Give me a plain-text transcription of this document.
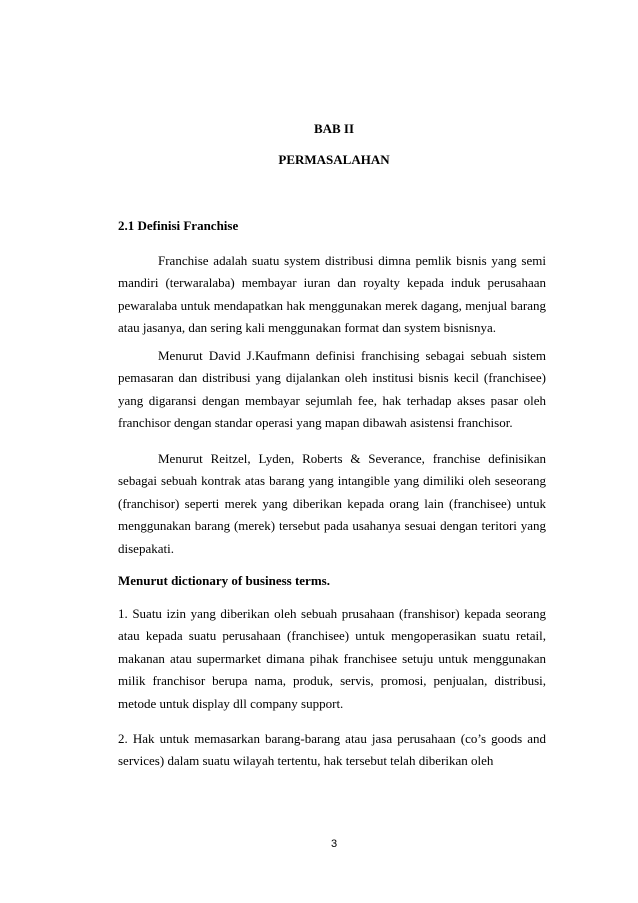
BAB II
PERMASALAHAN
2.1 Definisi Franchise

Franchise adalah suatu system distribusi dimna pemlik bisnis yang semi mandiri (terwaralaba) membayar iuran dan royalty kepada induk perusahaan pewaralaba untuk mendapatkan hak menggunakan merek dagang, menjual barang atau jasanya, dan sering kali menggunakan format dan system bisnisnya.

Menurut David J.Kaufmann definisi franchising sebagai sebuah sistem pemasaran dan distribusi yang dijalankan oleh institusi bisnis kecil (franchisee) yang digaransi dengan membayar sejumlah fee, hak terhadap akses pasar oleh franchisor dengan standar operasi yang mapan dibawah asistensi franchisor.

Menurut Reitzel, Lyden, Roberts & Severance, franchise definisikan sebagai sebuah kontrak atas barang yang intangible yang dimiliki oleh seseorang (franchisor) seperti merek yang diberikan kepada orang lain (franchisee) untuk menggunakan barang (merek) tersebut pada usahanya sesuai dengan teritori yang disepakati.

Menurut dictionary of business terms.

1. Suatu izin yang diberikan oleh sebuah prusahaan (franshisor) kepada seorang atau kepada suatu perusahaan (franchisee) untuk mengoperasikan suatu retail, makanan atau supermarket dimana pihak franchisee setuju untuk menggunakan milik franchisor berupa nama, produk, servis, promosi, penjualan, distribusi, metode untuk display dll company support.

2. Hak untuk memasarkan barang-barang atau jasa perusahaan (co’s goods and services) dalam suatu wilayah tertentu, hak tersebut telah diberikan oleh

3
